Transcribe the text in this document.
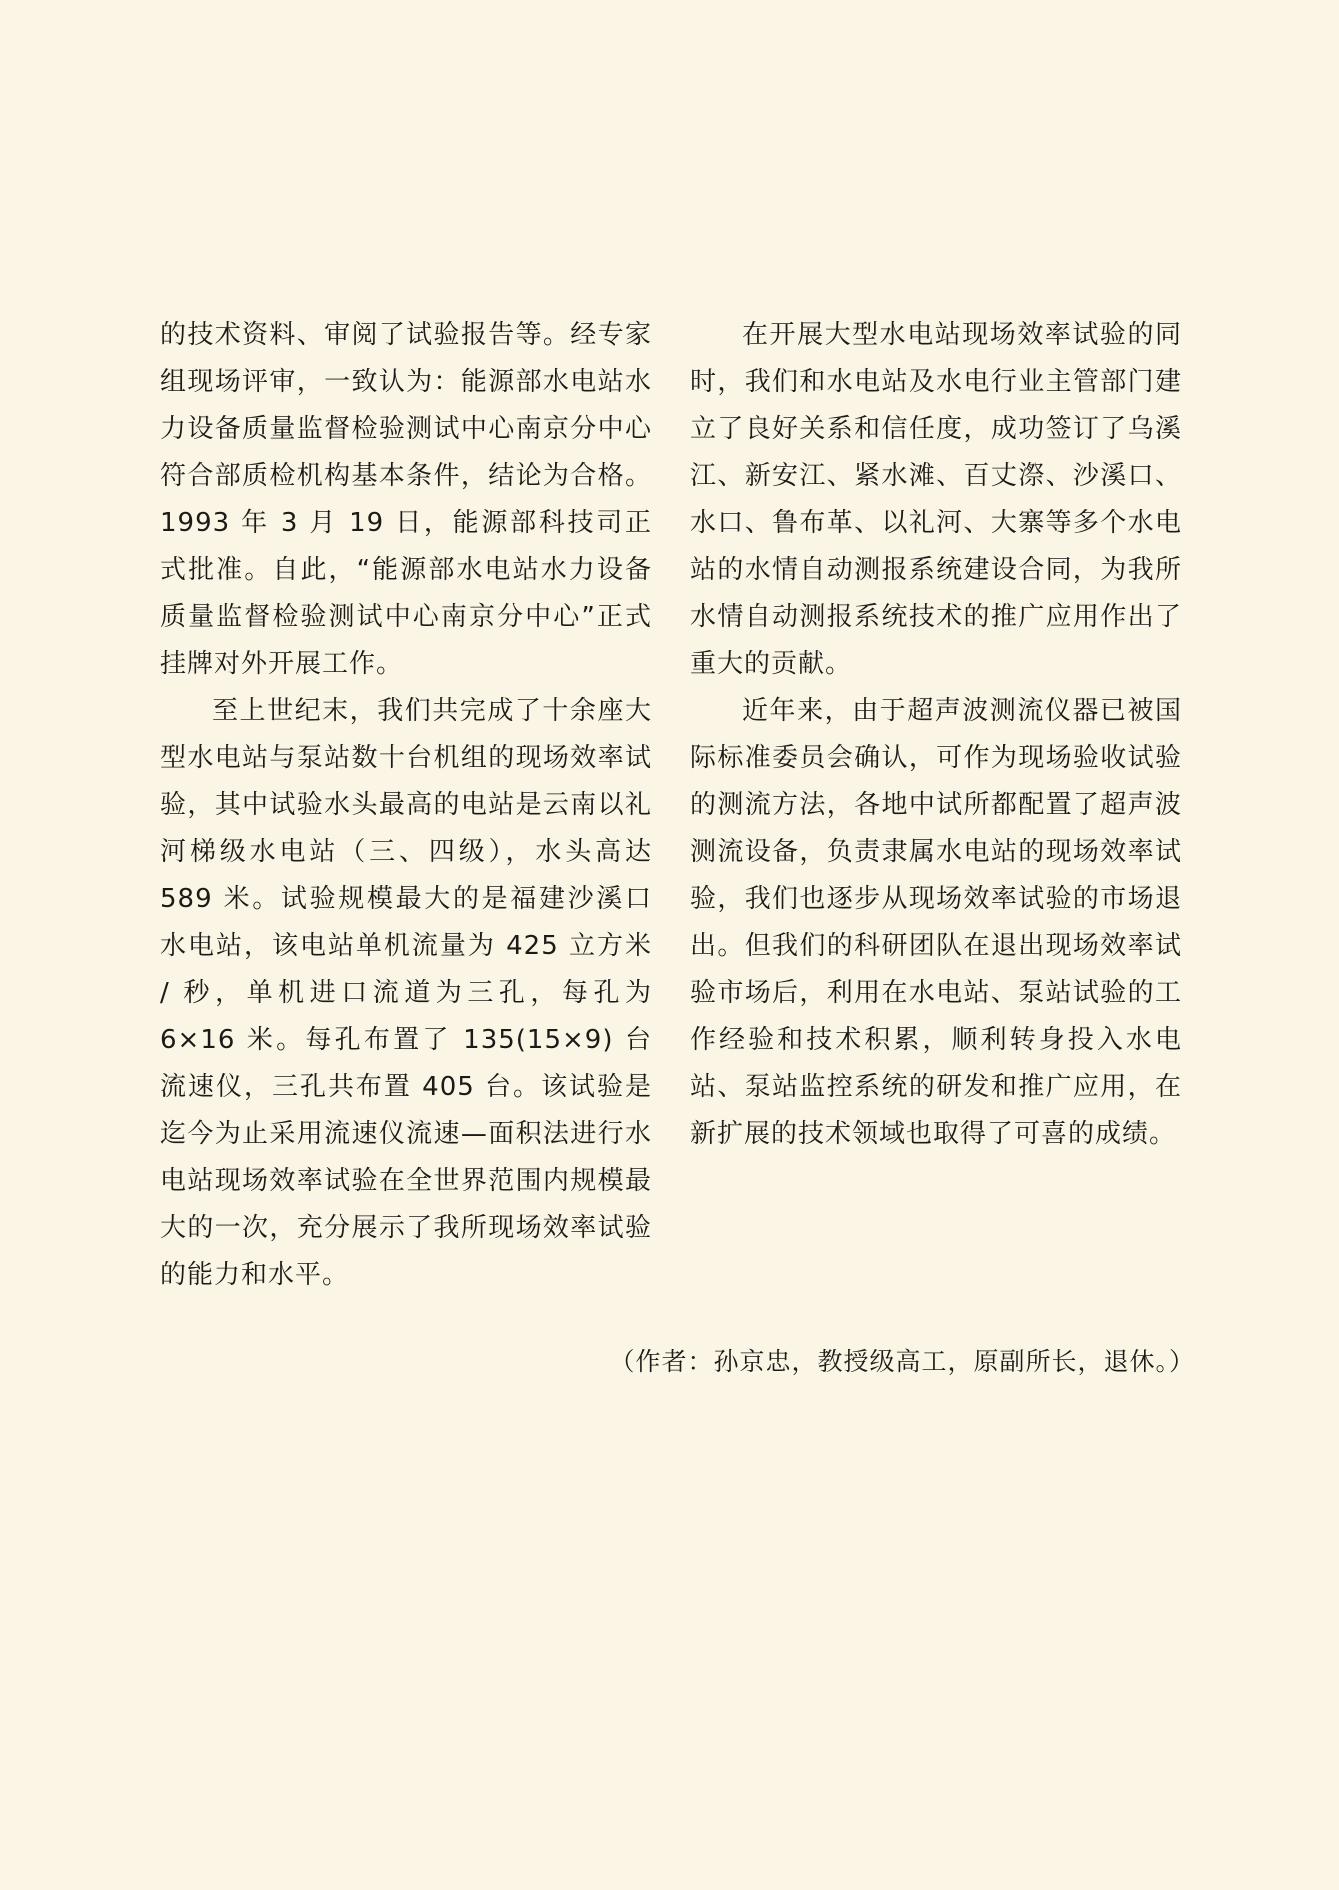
的技术资料、审阅了试验报告等。经专家组现场评审，一致认为：能源部水电站水力设备质量监督检验测试中心南京分中心符合部质检机构基本条件，结论为合格。1993 年 3 月 19 日，能源部科技司正式批准。自此，“能源部水电站水力设备质量监督检验测试中心南京分中心”正式挂牌对外开展工作。

至上世纪末，我们共完成了十余座大型水电站与泵站数十台机组的现场效率试验，其中试验水头最高的电站是云南以礼河梯级水电站（三、四级），水头高达 589 米。试验规模最大的是福建沙溪口水电站，该电站单机流量为 425 立方米 / 秒，单机进口流道为三孔，每孔为 6×16 米。每孔布置了 135(15×9) 台流速仪，三孔共布置 405 台。该试验是迄今为止采用流速仪流速—面积法进行水电站现场效率试验在全世界范围内规模最大的一次，充分展示了我所现场效率试验的能力和水平。

在开展大型水电站现场效率试验的同时，我们和水电站及水电行业主管部门建立了良好关系和信任度，成功签订了乌溪江、新安江、紧水滩、百丈漈、沙溪口、水口、鲁布革、以礼河、大寨等多个水电站的水情自动测报系统建设合同，为我所水情自动测报系统技术的推广应用作出了重大的贡献。

近年来，由于超声波测流仪器已被国际标准委员会确认，可作为现场验收试验的测流方法，各地中试所都配置了超声波测流设备，负责隶属水电站的现场效率试验，我们也逐步从现场效率试验的市场退出。但我们的科研团队在退出现场效率试验市场后，利用在水电站、泵站试验的工作经验和技术积累，顺利转身投入水电站、泵站监控系统的研发和推广应用，在新扩展的技术领域也取得了可喜的成绩。

（作者：孙京忠，教授级高工，原副所长，退休。）
